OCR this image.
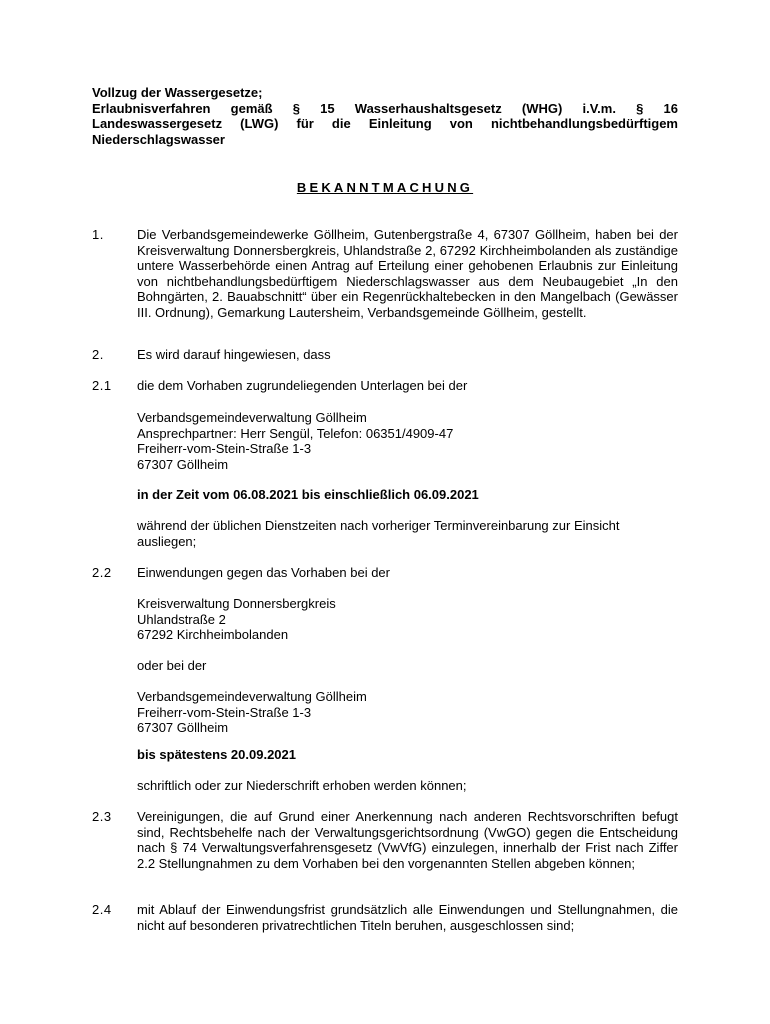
Vollzug der Wassergesetze;

Erlaubnisverfahren gemäß § 15 Wasserhaushaltsgesetz (WHG) i.V.m. § 16 Landeswassergesetz (LWG) für die Einleitung von nichtbehandlungsbedürftigem Niederschlagswasser

BEKANNTMACHUNG
1.	Die Verbandsgemeindewerke Göllheim, Gutenbergstraße 4, 67307 Göllheim, haben bei der Kreisverwaltung Donnersbergkreis, Uhlandstraße 2, 67292 Kirchheimbolanden als zuständige untere Wasserbehörde einen Antrag auf Erteilung einer gehobenen Erlaubnis zur Einleitung von nichtbehandlungsbedürftigem Niederschlagswasser aus dem Neubaugebiet „In den Bohngärten, 2. Bauabschnitt“ über ein Regenrückhaltebecken in den Mangelbach (Gewässer III. Ordnung), Gemarkung Lautersheim, Verbandsgemeinde Göllheim, gestellt.
2.	Es wird darauf hingewiesen, dass
2.1	die dem Vorhaben zugrundeliegenden Unterlagen bei der
Verbandsgemeindeverwaltung Göllheim
Ansprechpartner: Herr Sengül, Telefon: 06351/4909-47
Freiherr-vom-Stein-Straße 1-3
67307 Göllheim
in der Zeit vom 06.08.2021 bis einschließlich 06.09.2021
während der üblichen Dienstzeiten nach vorheriger Terminvereinbarung zur Einsicht ausliegen;
2.2	Einwendungen gegen das Vorhaben bei der
Kreisverwaltung Donnersbergkreis
Uhlandstraße 2
67292 Kirchheimbolanden
oder bei der
Verbandsgemeindeverwaltung Göllheim
Freiherr-vom-Stein-Straße 1-3
67307 Göllheim
bis spätestens 20.09.2021
schriftlich oder zur Niederschrift erhoben werden können;
2.3	Vereinigungen, die auf Grund einer Anerkennung nach anderen Rechtsvorschriften befugt sind, Rechtsbehelfe nach der Verwaltungsgerichtsordnung (VwGO) gegen die Entscheidung nach § 74 Verwaltungsverfahrensgesetz (VwVfG) einzulegen, innerhalb der Frist nach Ziffer 2.2 Stellungnahmen zu dem Vorhaben bei den vorgenannten Stellen abgeben können;
2.4	mit Ablauf der Einwendungsfrist grundsätzlich alle Einwendungen und Stellungnahmen, die nicht auf besonderen privatrechtlichen Titeln beruhen, ausgeschlossen sind;
